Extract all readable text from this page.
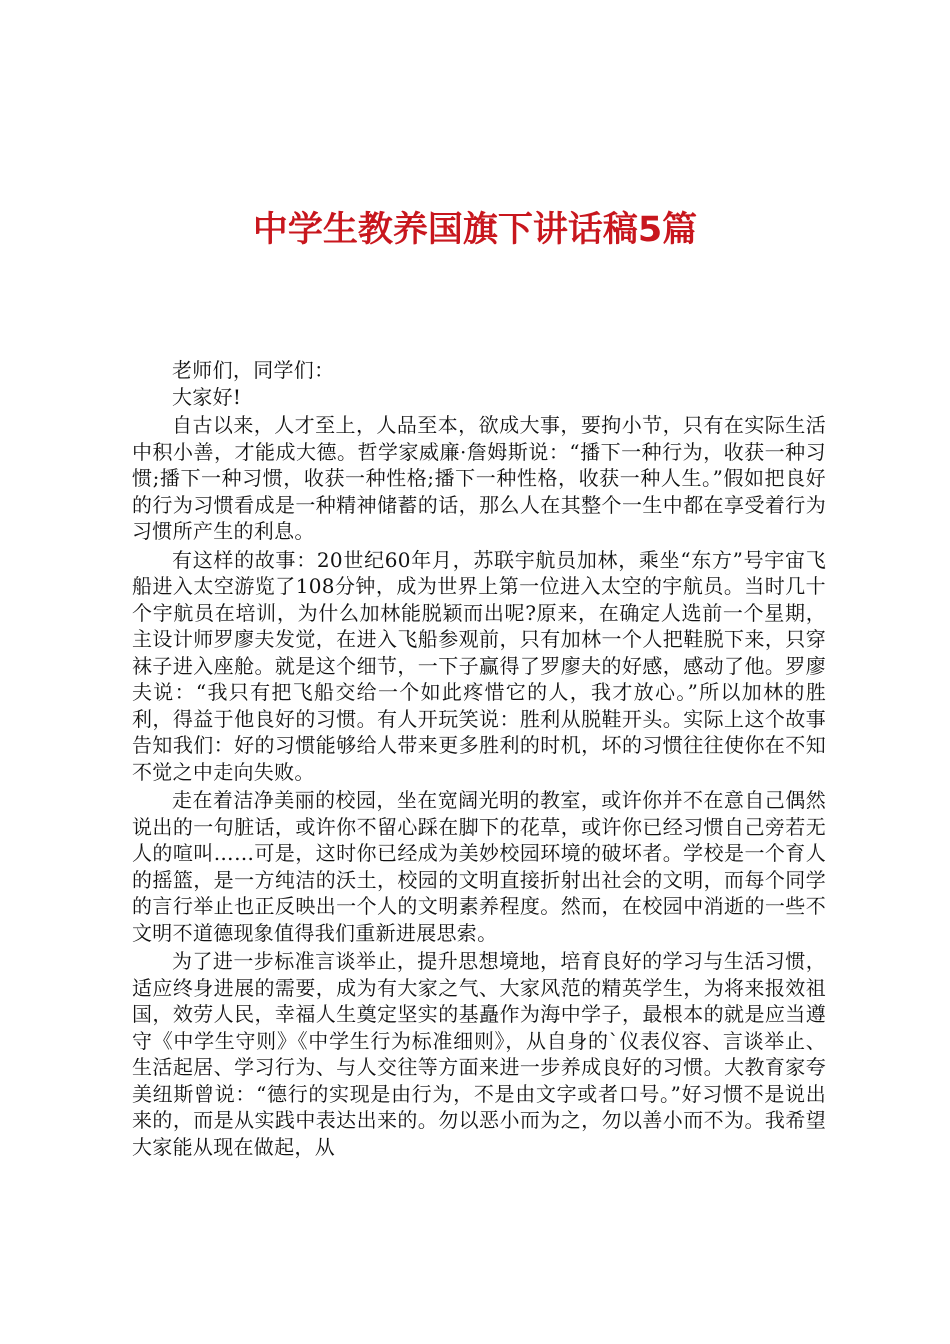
中学生教养国旗下讲话稿5篇

老师们，同学们：

大家好!

自古以来，人才至上，人品至本，欲成大事，要拘小节，只有在实际生活中积小善，才能成大德。哲学家威廉·詹姆斯说：“播下一种行为，收获一种习惯;播下一种习惯，收获一种性格;播下一种性格，收获一种人生。”假如把良好的行为习惯看成是一种精神储蓄的话，那么人在其整个一生中都在享受着行为习惯所产生的利息。

有这样的故事：20世纪60年月，苏联宇航员加林，乘坐“东方”号宇宙飞船进入太空游览了108分钟，成为世界上第一位进入太空的宇航员。当时几十个宇航员在培训，为什么加林能脱颖而出呢?原来，在确定人选前一个星期，主设计师罗廖夫发觉，在进入飞船参观前，只有加林一个人把鞋脱下来，只穿袜子进入座舱。就是这个细节，一下子赢得了罗廖夫的好感，感动了他。罗廖夫说：“我只有把飞船交给一个如此疼惜它的人，我才放心。”所以加林的胜利，得益于他良好的习惯。有人开玩笑说：胜利从脱鞋开头。实际上这个故事告知我们：好的习惯能够给人带来更多胜利的时机，坏的习惯往往使你在不知不觉之中走向失败。

走在着洁净美丽的校园，坐在宽阔光明的教室，或许你并不在意自己偶然说出的一句脏话，或许你不留心踩在脚下的花草，或许你已经习惯自己旁若无人的喧叫……可是，这时你已经成为美妙校园环境的破坏者。学校是一个育人的摇篮，是一方纯洁的沃土，校园的文明直接折射出社会的文明，而每个同学的言行举止也正反映出一个人的文明素养程度。然而，在校园中消逝的一些不文明不道德现象值得我们重新进展思索。

为了进一步标准言谈举止，提升思想境地，培育良好的学习与生活习惯，适应终身进展的需要，成为有大家之气、大家风范的精英学生，为将来报效祖国，效劳人民，幸福人生奠定坚实的基矗作为海中学子，最根本的就是应当遵守《中学生守则》《中学生行为标准细则》，从自身的`仪表仪容、言谈举止、生活起居、学习行为、与人交往等方面来进一步养成良好的习惯。大教育家夸美纽斯曾说：“德行的实现是由行为，不是由文字或者口号。”好习惯不是说出来的，而是从实践中表达出来的。勿以恶小而为之，勿以善小而不为。我希望大家能从现在做起，从
